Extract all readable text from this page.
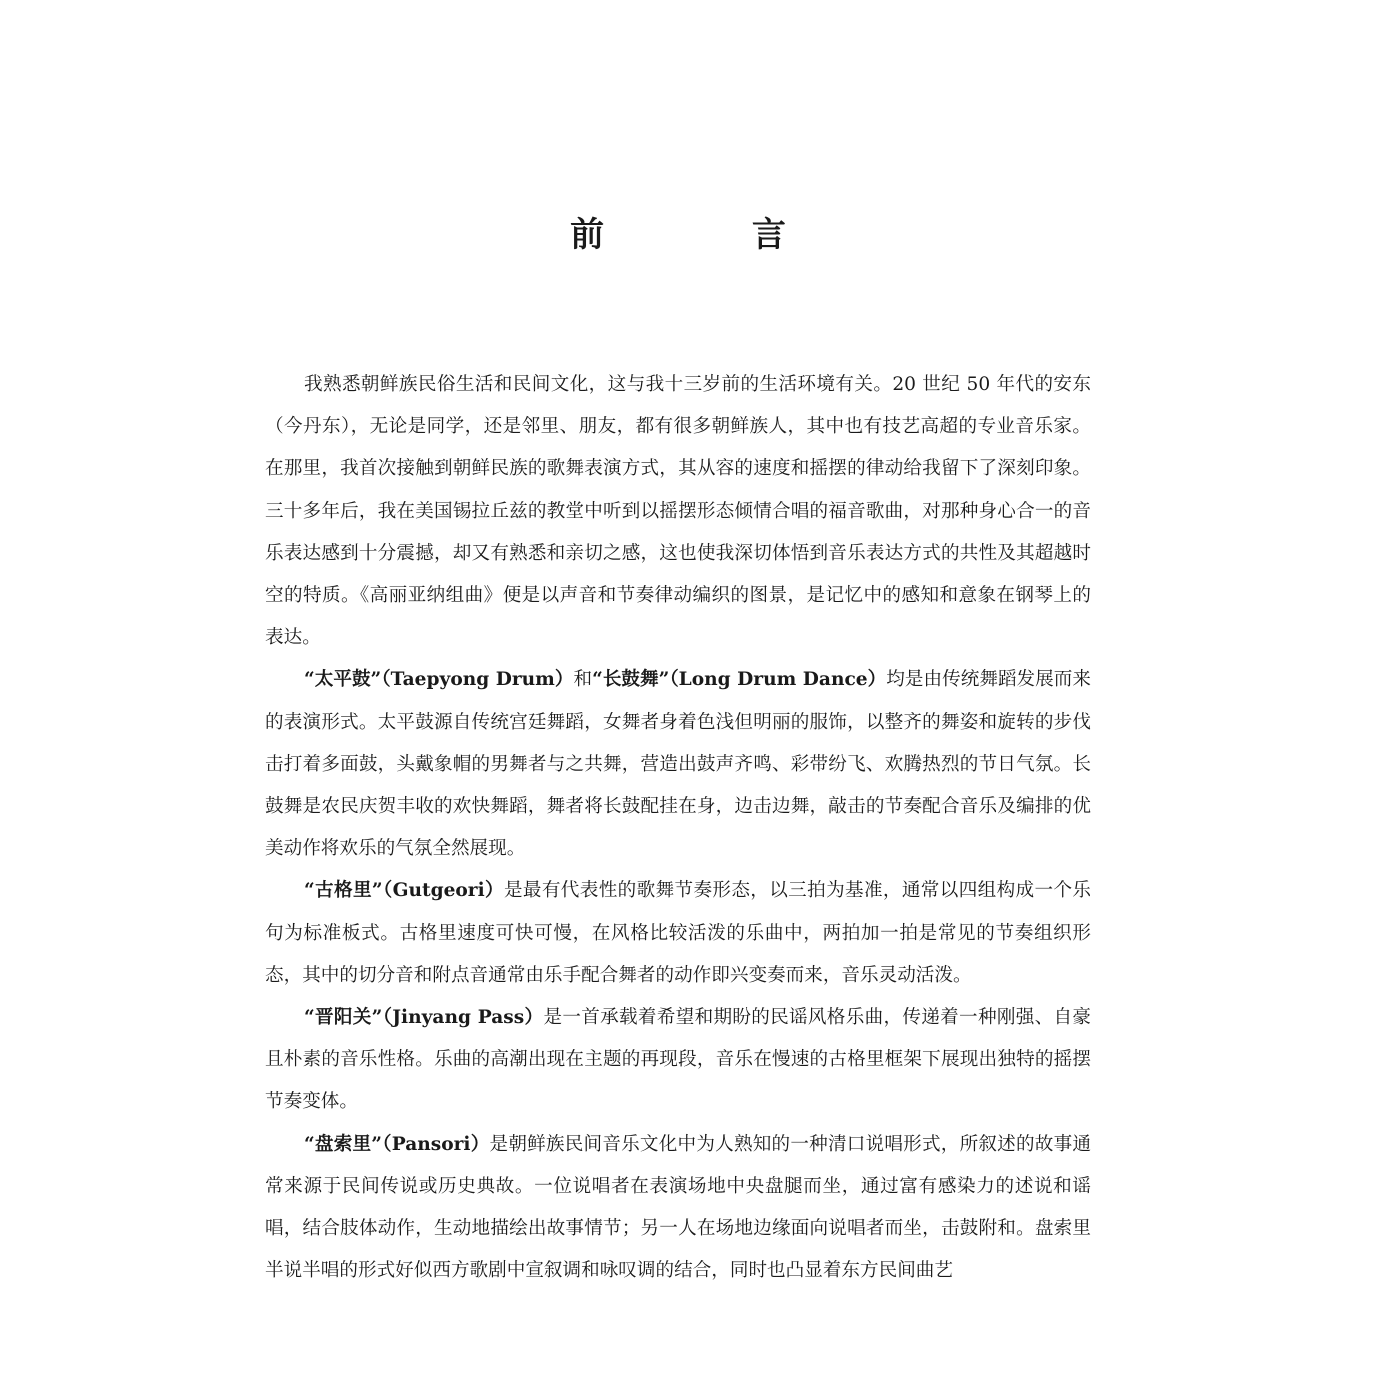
前 言

我熟悉朝鲜族民俗生活和民间文化，这与我十三岁前的生活环境有关。20 世纪 50 年代的安东（今丹东），无论是同学，还是邻里、朋友，都有很多朝鲜族人，其中也有技艺高超的专业音乐家。在那里，我首次接触到朝鲜民族的歌舞表演方式，其从容的速度和摇摆的律动给我留下了深刻印象。三十多年后，我在美国锡拉丘兹的教堂中听到以摇摆形态倾情合唱的福音歌曲，对那种身心合一的音乐表达感到十分震撼，却又有熟悉和亲切之感，这也使我深切体悟到音乐表达方式的共性及其超越时空的特质。《高丽亚纳组曲》便是以声音和节奏律动编织的图景，是记忆中的感知和意象在钢琴上的表达。

“太平鼓”（Taepyong Drum）和“长鼓舞”（Long Drum Dance）均是由传统舞蹈发展而来的表演形式。太平鼓源自传统宫廷舞蹈，女舞者身着色浅但明丽的服饰，以整齐的舞姿和旋转的步伐击打着多面鼓，头戴象帽的男舞者与之共舞，营造出鼓声齐鸣、彩带纷飞、欢腾热烈的节日气氛。长鼓舞是农民庆贺丰收的欢快舞蹈，舞者将长鼓配挂在身，边击边舞，敲击的节奏配合音乐及编排的优美动作将欢乐的气氛全然展现。

“古格里”（Gutgeori）是最有代表性的歌舞节奏形态，以三拍为基准，通常以四组构成一个乐句为标准板式。古格里速度可快可慢，在风格比较活泼的乐曲中，两拍加一拍是常见的节奏组织形态，其中的切分音和附点音通常由乐手配合舞者的动作即兴变奏而来，音乐灵动活泼。

“晋阳关”（Jinyang Pass）是一首承载着希望和期盼的民谣风格乐曲，传递着一种刚强、自豪且朴素的音乐性格。乐曲的高潮出现在主题的再现段，音乐在慢速的古格里框架下展现出独特的摇摆节奏变体。

“盘索里”（Pansori）是朝鲜族民间音乐文化中为人熟知的一种清口说唱形式，所叙述的故事通常来源于民间传说或历史典故。一位说唱者在表演场地中央盘腿而坐，通过富有感染力的述说和谣唱，结合肢体动作，生动地描绘出故事情节；另一人在场地边缘面向说唱者而坐，击鼓附和。盘索里半说半唱的形式好似西方歌剧中宣叙调和咏叹调的结合，同时也凸显着东方民间曲艺
